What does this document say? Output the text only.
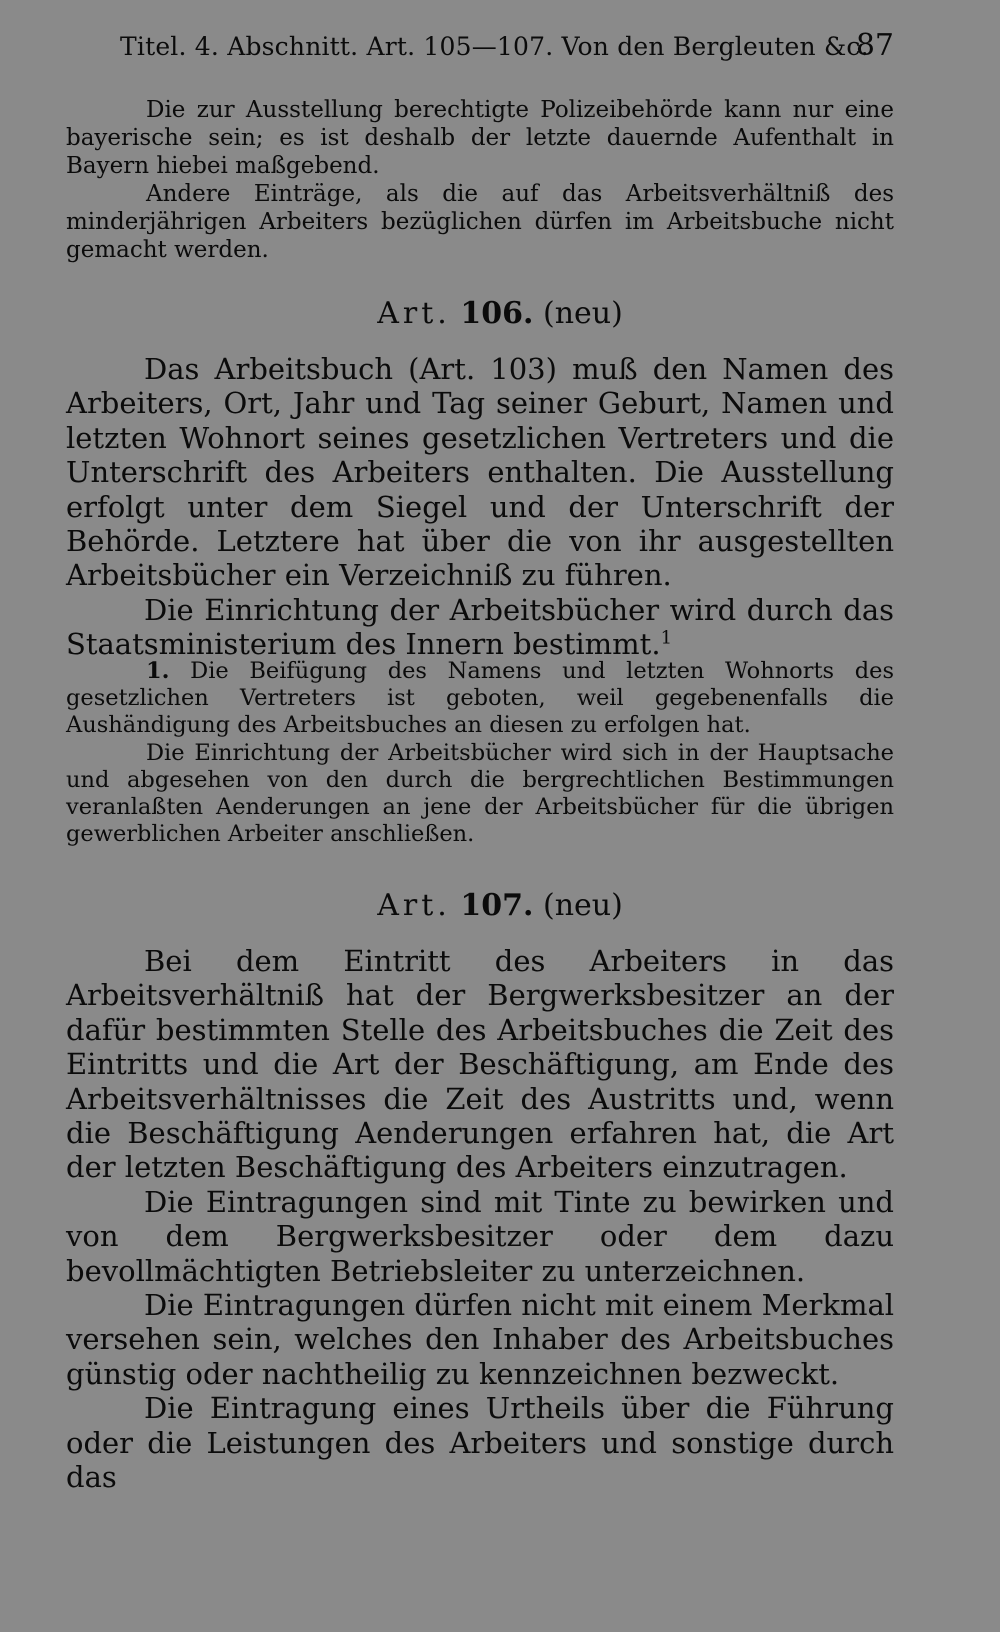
Titel. 4. Abschnitt. Art. 105—107. Von den Bergleuten &c.
87

Die zur Ausstellung berechtigte Polizeibehörde kann nur eine bayerische sein; es ist deshalb der letzte dauernde Aufenthalt in Bayern hiebei maßgebend.

Andere Einträge, als die auf das Arbeitsverhältniß des minderjährigen Arbeiters bezüglichen dürfen im Arbeitsbuche nicht gemacht werden.

Art. 106. (neu)

Das Arbeitsbuch (Art. 103) muß den Namen des Arbeiters, Ort, Jahr und Tag seiner Geburt, Namen und letzten Wohnort seines gesetzlichen Vertreters und die Unterschrift des Arbeiters enthalten. Die Ausstellung erfolgt unter dem Siegel und der Unterschrift der Behörde. Letztere hat über die von ihr ausgestellten Arbeitsbücher ein Verzeichniß zu führen.

Die Einrichtung der Arbeitsbücher wird durch das Staatsministerium des Innern bestimmt.$^1$

1. Die Beifügung des Namens und letzten Wohnorts des gesetzlichen Vertreters ist geboten, weil gegebenenfalls die Aushändigung des Arbeitsbuches an diesen zu erfolgen hat.

Die Einrichtung der Arbeitsbücher wird sich in der Hauptsache und abgesehen von den durch die bergrechtlichen Bestimmungen veranlaßten Aenderungen an jene der Arbeitsbücher für die übrigen gewerblichen Arbeiter anschließen.

Art. 107. (neu)

Bei dem Eintritt des Arbeiters in das Arbeitsverhältniß hat der Bergwerksbesitzer an der dafür bestimmten Stelle des Arbeitsbuches die Zeit des Eintritts und die Art der Beschäftigung, am Ende des Arbeitsverhältnisses die Zeit des Austritts und, wenn die Beschäftigung Aenderungen erfahren hat, die Art der letzten Beschäftigung des Arbeiters einzutragen.

Die Eintragungen sind mit Tinte zu bewirken und von dem Bergwerksbesitzer oder dem dazu bevollmächtigten Betriebsleiter zu unterzeichnen.

Die Eintragungen dürfen nicht mit einem Merkmal versehen sein, welches den Inhaber des Arbeitsbuches günstig oder nachtheilig zu kennzeichnen bezweckt.

Die Eintragung eines Urtheils über die Führung oder die Leistungen des Arbeiters und sonstige durch das
